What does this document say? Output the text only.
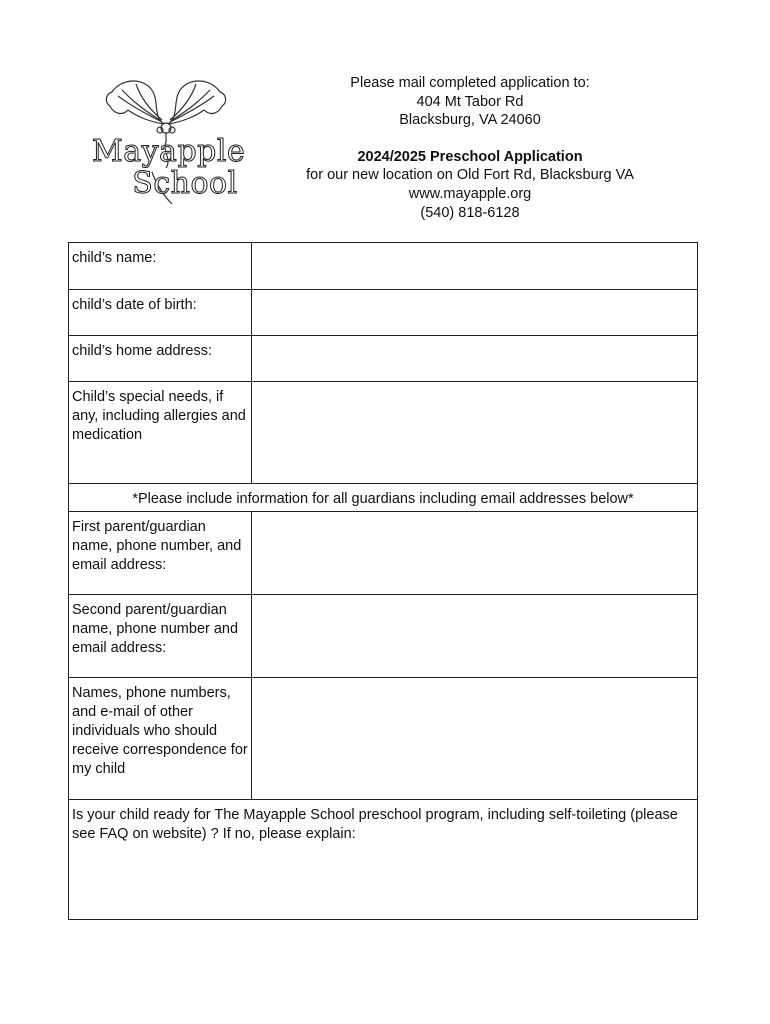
Mayapple
School
Please mail completed application to:
404 Mt Tabor Rd
Blacksburg, VA 24060
2024/2025 Preschool Application
for our new location on Old Fort Rd, Blacksburg VA
www.mayapple.org
(540) 818-6128
child’s name:	
child’s date of birth:	
child’s home address:	
Child’s special needs, if any, including allergies and medication	
*Please include information for all guardians including email addresses below*	
First parent/guardian name, phone number, and email address:	
Second parent/guardian name, phone number and email address:	
Names, phone numbers, and e-mail of other individuals who should receive correspondence for my child	
Is your child ready for The Mayapple School preschool program, including self-toileting (please see FAQ on website) ? If no, please explain:	
